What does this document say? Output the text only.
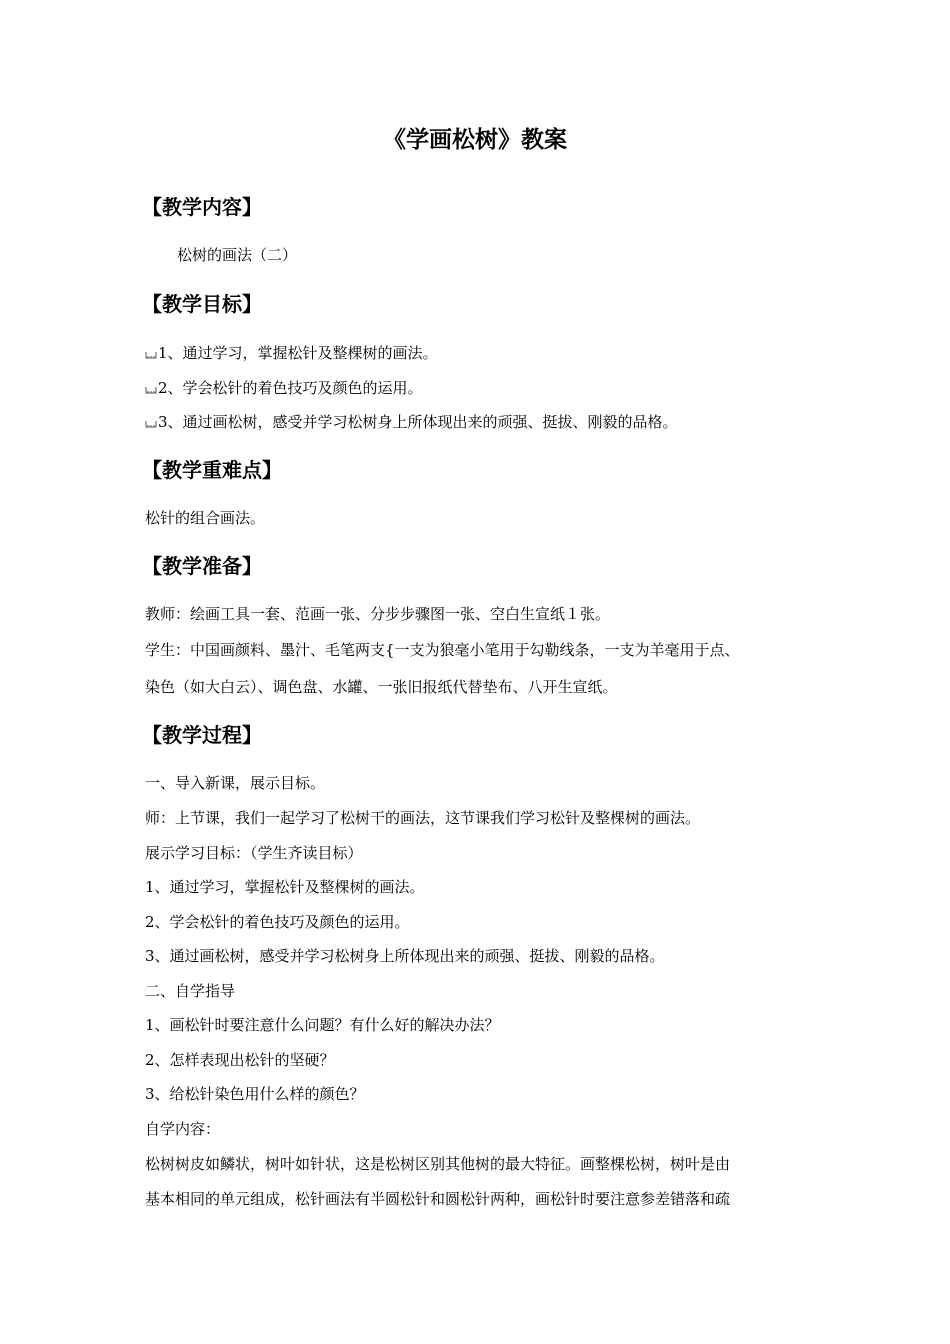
《学画松树》教案
【教学内容】

松树的画法（二）

【教学目标】

1、通过学习，掌握松针及整棵树的画法。

2、学会松针的着色技巧及颜色的运用。

3、通过画松树，感受并学习松树身上所体现出来的顽强、挺拔、刚毅的品格。

【教学重难点】

松针的组合画法。

【教学准备】

教师：绘画工具一套、范画一张、分步步骤图一张、空白生宣纸１张。

学生：中国画颜料、墨汁、毛笔两支{一支为狼毫小笔用于勾勒线条，一支为羊毫用于点、

染色（如大白云）、调色盘、水罐、一张旧报纸代替垫布、八开生宣纸。

【教学过程】

一、导入新课，展示目标。

师：上节课，我们一起学习了松树干的画法，这节课我们学习松针及整棵树的画法。

展示学习目标：（学生齐读目标）

1、通过学习，掌握松针及整棵树的画法。

2、学会松针的着色技巧及颜色的运用。

3、通过画松树，感受并学习松树身上所体现出来的顽强、挺拔、刚毅的品格。

二、自学指导

1、画松针时要注意什么问题？有什么好的解决办法？

2、怎样表现出松针的坚硬？

3、给松针染色用什么样的颜色？

自学内容：

松树树皮如鳞状，树叶如针状，这是松树区别其他树的最大特征。画整棵松树，树叶是由

基本相同的单元组成，松针画法有半圆松针和圆松针两种，画松针时要注意参差错落和疏
